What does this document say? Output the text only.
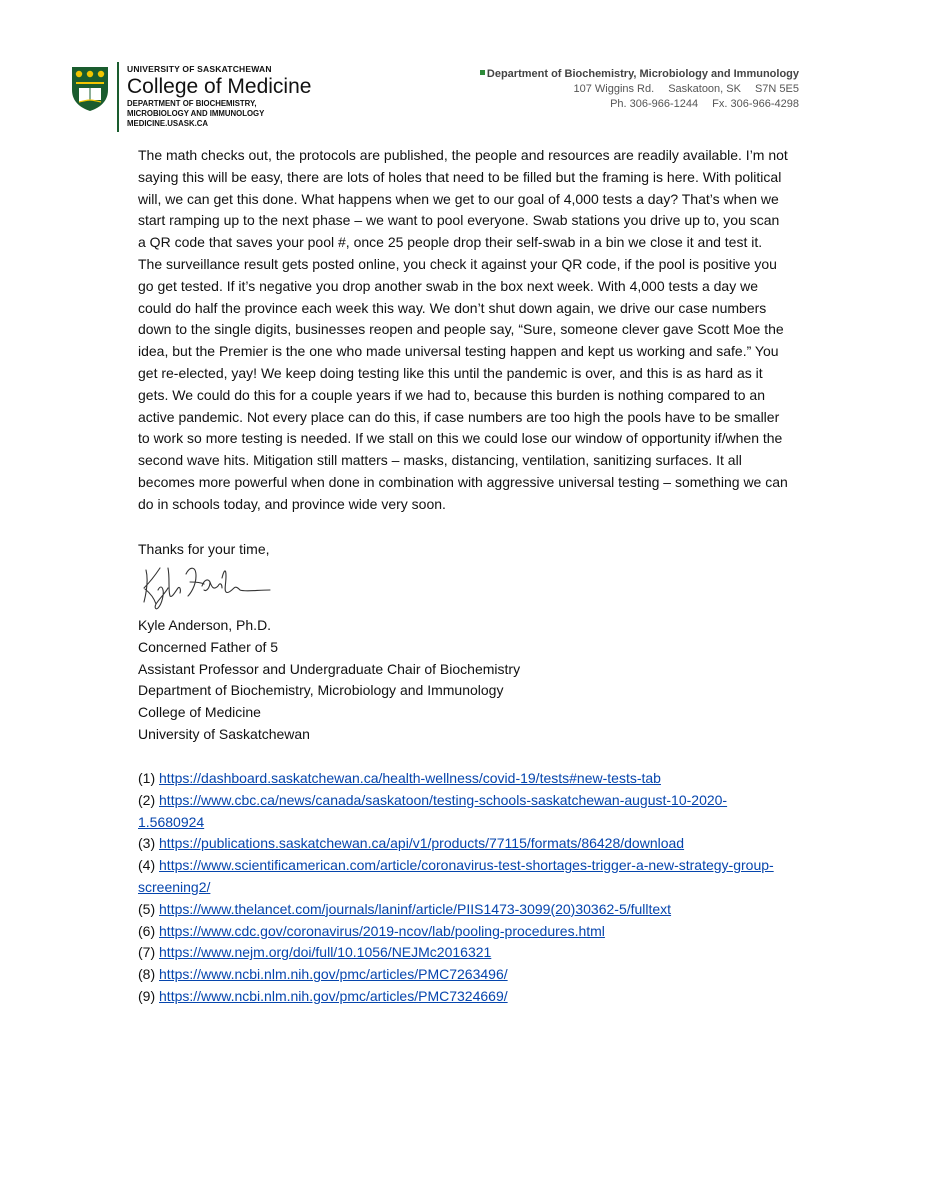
UNIVERSITY OF SASKATCHEWAN
College of Medicine
DEPARTMENT OF BIOCHEMISTRY,
MICROBIOLOGY AND IMMUNOLOGY
MEDICINE.USASK.CA
Department of Biochemistry, Microbiology and Immunology
107 Wiggins Rd. Saskatoon, SK S7N 5E5
Ph. 306-966-1244 Fx. 306-966-4298
The math checks out, the protocols are published, the people and resources are readily available. I’m not saying this will be easy, there are lots of holes that need to be filled but the framing is here. With political will, we can get this done. What happens when we get to our goal of 4,000 tests a day? That’s when we start ramping up to the next phase – we want to pool everyone. Swab stations you drive up to, you scan a QR code that saves your pool #, once 25 people drop their self-swab in a bin we close it and test it. The surveillance result gets posted online, you check it against your QR code, if the pool is positive you go get tested. If it’s negative you drop another swab in the box next week. With 4,000 tests a day we could do half the province each week this way. We don’t shut down again, we drive our case numbers down to the single digits, businesses reopen and people say, “Sure, someone clever gave Scott Moe the idea, but the Premier is the one who made universal testing happen and kept us working and safe.” You get re-elected, yay! We keep doing testing like this until the pandemic is over, and this is as hard as it gets. We could do this for a couple years if we had to, because this burden is nothing compared to an active pandemic. Not every place can do this, if case numbers are too high the pools have to be smaller to work so more testing is needed. If we stall on this we could lose our window of opportunity if/when the second wave hits. Mitigation still matters – masks, distancing, ventilation, sanitizing surfaces. It all becomes more powerful when done in combination with aggressive universal testing – something we can do in schools today, and province wide very soon.
Thanks for your time,
Kyle Anderson, Ph.D.
Concerned Father of 5
Assistant Professor and Undergraduate Chair of Biochemistry
Department of Biochemistry, Microbiology and Immunology
College of Medicine
University of Saskatchewan
(1) https://dashboard.saskatchewan.ca/health-wellness/covid-19/tests#new-tests-tab
(2) https://www.cbc.ca/news/canada/saskatoon/testing-schools-saskatchewan-august-10-2020-1.5680924
(3) https://publications.saskatchewan.ca/api/v1/products/77115/formats/86428/download
(4) https://www.scientificamerican.com/article/coronavirus-test-shortages-trigger-a-new-strategy-group-screening2/
(5) https://www.thelancet.com/journals/laninf/article/PIIS1473-3099(20)30362-5/fulltext
(6) https://www.cdc.gov/coronavirus/2019-ncov/lab/pooling-procedures.html
(7) https://www.nejm.org/doi/full/10.1056/NEJMc2016321
(8) https://www.ncbi.nlm.nih.gov/pmc/articles/PMC7263496/
(9) https://www.ncbi.nlm.nih.gov/pmc/articles/PMC7324669/
